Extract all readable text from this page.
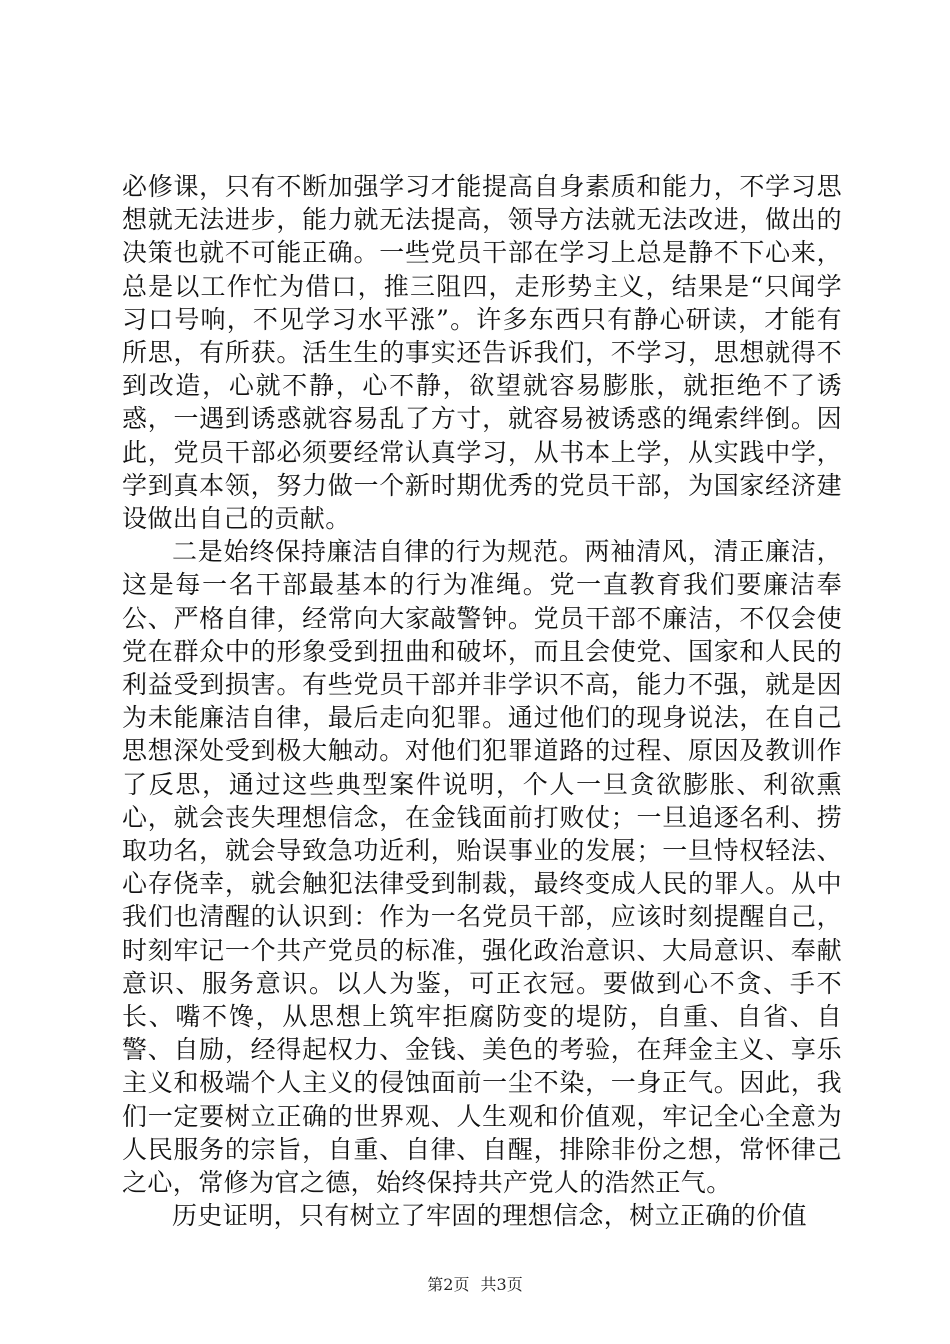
必修课，只有不断加强学习才能提高自身素质和能力，不学习思想就无法进步，能力就无法提高，领导方法就无法改进，做出的决策也就不可能正确。一些党员干部在学习上总是静不下心来，总是以工作忙为借口，推三阻四，走形势主义，结果是“只闻学习口号响，不见学习水平涨”。许多东西只有静心研读，才能有所思，有所获。活生生的事实还告诉我们，不学习，思想就得不到改造，心就不静，心不静，欲望就容易膨胀，就拒绝不了诱惑，一遇到诱惑就容易乱了方寸，就容易被诱惑的绳索绊倒。因此，党员干部必须要经常认真学习，从书本上学，从实践中学，学到真本领，努力做一个新时期优秀的党员干部，为国家经济建设做出自己的贡献。

二是始终保持廉洁自律的行为规范。两袖清风，清正廉洁，这是每一名干部最基本的行为准绳。党一直教育我们要廉洁奉公、严格自律，经常向大家敲警钟。党员干部不廉洁，不仅会使党在群众中的形象受到扭曲和破坏，而且会使党、国家和人民的利益受到损害。有些党员干部并非学识不高，能力不强，就是因为未能廉洁自律，最后走向犯罪。通过他们的现身说法，在自己思想深处受到极大触动。对他们犯罪道路的过程、原因及教训作了反思，通过这些典型案件说明，个人一旦贪欲膨胀、利欲熏心，就会丧失理想信念，在金钱面前打败仗；一旦追逐名利、捞取功名，就会导致急功近利，贻误事业的发展；一旦恃权轻法、心存侥幸，就会触犯法律受到制裁，最终变成人民的罪人。从中我们也清醒的认识到：作为一名党员干部，应该时刻提醒自己，时刻牢记一个共产党员的标准，强化政治意识、大局意识、奉献意识、服务意识。以人为鉴，可正衣冠。要做到心不贪、手不长、嘴不馋，从思想上筑牢拒腐防变的堤防，自重、自省、自警、自励，经得起权力、金钱、美色的考验，在拜金主义、享乐主义和极端个人主义的侵蚀面前一尘不染，一身正气。因此，我们一定要树立正确的世界观、人生观和价值观，牢记全心全意为人民服务的宗旨，自重、自律、自醒，排除非份之想，常怀律己之心，常修为官之德，始终保持共产党人的浩然正气。

历史证明，只有树立了牢固的理想信念，树立正确的价值

第2页 共3页
